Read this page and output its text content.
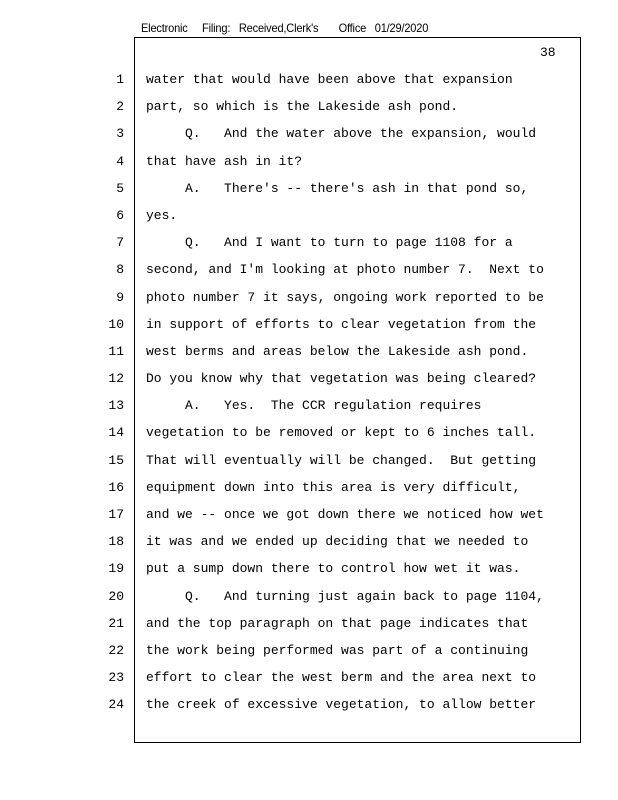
Electronic     Filing:   Received,Clerk's       Office   01/29/2020
38
1
2
3
4
5
6
7
8
9
10
11
12
13
14
15
16
17
18
19
20
21
22
23
24
water that would have been above that expansion
part, so which is the Lakeside ash pond.
Q.   And the water above the expansion, would
that have ash in it?
A.   There's -- there's ash in that pond so,
yes.
Q.   And I want to turn to page 1108 for a
second, and I'm looking at photo number 7.  Next to
photo number 7 it says, ongoing work reported to be
in support of efforts to clear vegetation from the
west berms and areas below the Lakeside ash pond.
Do you know why that vegetation was being cleared?
A.   Yes.  The CCR regulation requires
vegetation to be removed or kept to 6 inches tall.
That will eventually will be changed.  But getting
equipment down into this area is very difficult,
and we -- once we got down there we noticed how wet
it was and we ended up deciding that we needed to
put a sump down there to control how wet it was.
Q.   And turning just again back to page 1104,
and the top paragraph on that page indicates that
the work being performed was part of a continuing
effort to clear the west berm and the area next to
the creek of excessive vegetation, to allow better
